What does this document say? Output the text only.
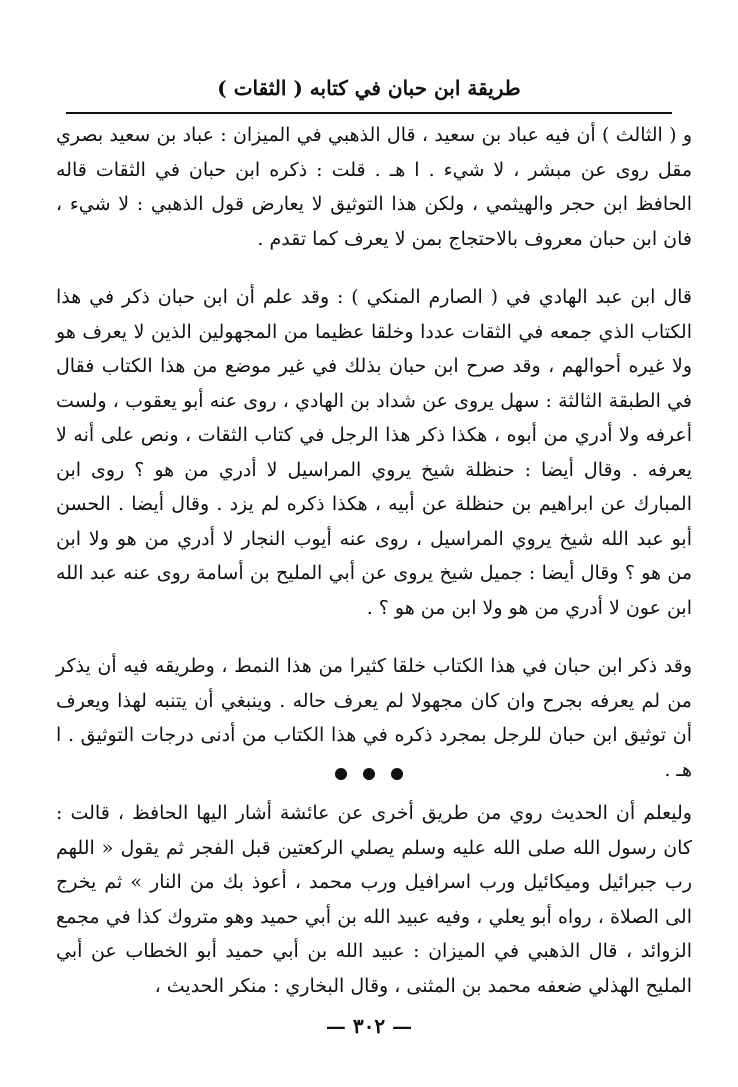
طريقة ابن حبان في كتابه ( الثقات )

و ( الثالث ) أن فيه عباد بن سعيد ، قال الذهبي في الميزان : عباد بن سعيد بصري مقل روى عن مبشر ، لا شيء . ا هـ . قلت : ذكره ابن حبان في الثقات قاله الحافظ ابن حجر والهيثمي ، ولكن هذا التوثيق لا يعارض قول الذهبي : لا شيء ، فان ابن حبان معروف بالاحتجاج بمن لا يعرف كما تقدم .

قال ابن عبد الهادي في ( الصارم المنكي ) : وقد علم أن ابن حبان ذكر في هذا الكتاب الذي جمعه في الثقات عددا وخلقا عظيما من المجهولين الذين لا يعرف هو ولا غيره أحوالهم ، وقد صرح ابن حبان بذلك في غير موضع من هذا الكتاب فقال في الطبقة الثالثة : سهل يروى عن شداد بن الهادي ، روى عنه أبو يعقوب ، ولست أعرفه ولا أدري من أبوه ، هكذا ذكر هذا الرجل في كتاب الثقات ، ونص على أنه لا يعرفه . وقال أيضا : حنظلة شيخ يروي المراسيل لا أدري من هو ؟ روى ابن المبارك عن ابراهيم بن حنظلة عن أبيه ، هكذا ذكره لم يزد . وقال أيضا . الحسن أبو عبد الله شيخ يروي المراسيل ، روى عنه أيوب النجار لا أدري من هو ولا ابن من هو ؟ وقال أيضا : جميل شيخ يروى عن أبي المليح بن أسامة روى عنه عبد الله ابن عون لا أدري من هو ولا ابن من هو ؟ .

وقد ذكر ابن حبان في هذا الكتاب خلقا كثيرا من هذا النمط ، وطريقه فيه أن يذكر من لم يعرفه بجرح وان كان مجهولا لم يعرف حاله . وينبغي أن يتنبه لهذا ويعرف أن توثيق ابن حبان للرجل بمجرد ذكره في هذا الكتاب من أدنى درجات التوثيق . ا هـ .

وليعلم أن الحديث روي من طريق أخرى عن عائشة أشار اليها الحافظ ، قالت : كان رسول الله صلى الله عليه وسلم يصلي الركعتين قبل الفجر ثم يقول « اللهم رب جبرائيل وميكائيل ورب اسرافيل ورب محمد ، أعوذ بك من النار » ثم يخرج الى الصلاة ، رواه أبو يعلي ، وفيه عبيد الله بن أبي حميد وهو متروك كذا في مجمع الزوائد ، قال الذهبي في الميزان : عبيد الله بن أبي حميد أبو الخطاب عن أبي المليح الهذلي ضعفه محمد بن المثنى ، وقال البخاري : منكر الحديث ،

— ٣٠٢ —
